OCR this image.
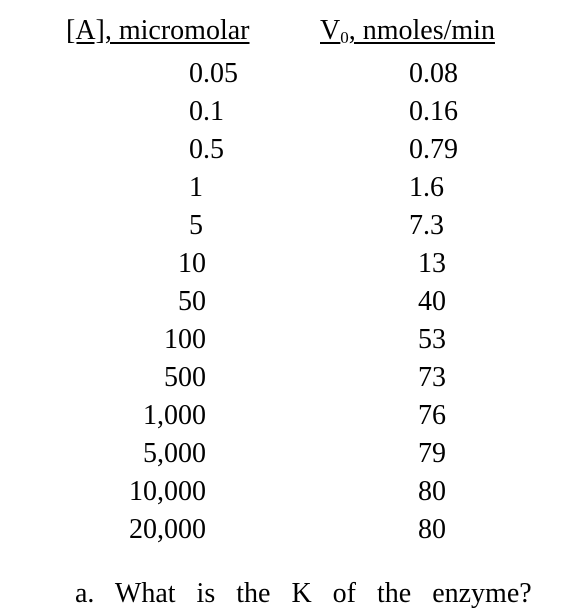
[A], micromolar	$V_0$, nmoles/min
0.05	0.08
0.1	0.16
0.5	0.79
1	1.6
5	7.3
10	13
50	40
100	53
500	73
1,000	76
5,000	79
10,000	80
20,000	80
a. What is the K of the enzyme?
